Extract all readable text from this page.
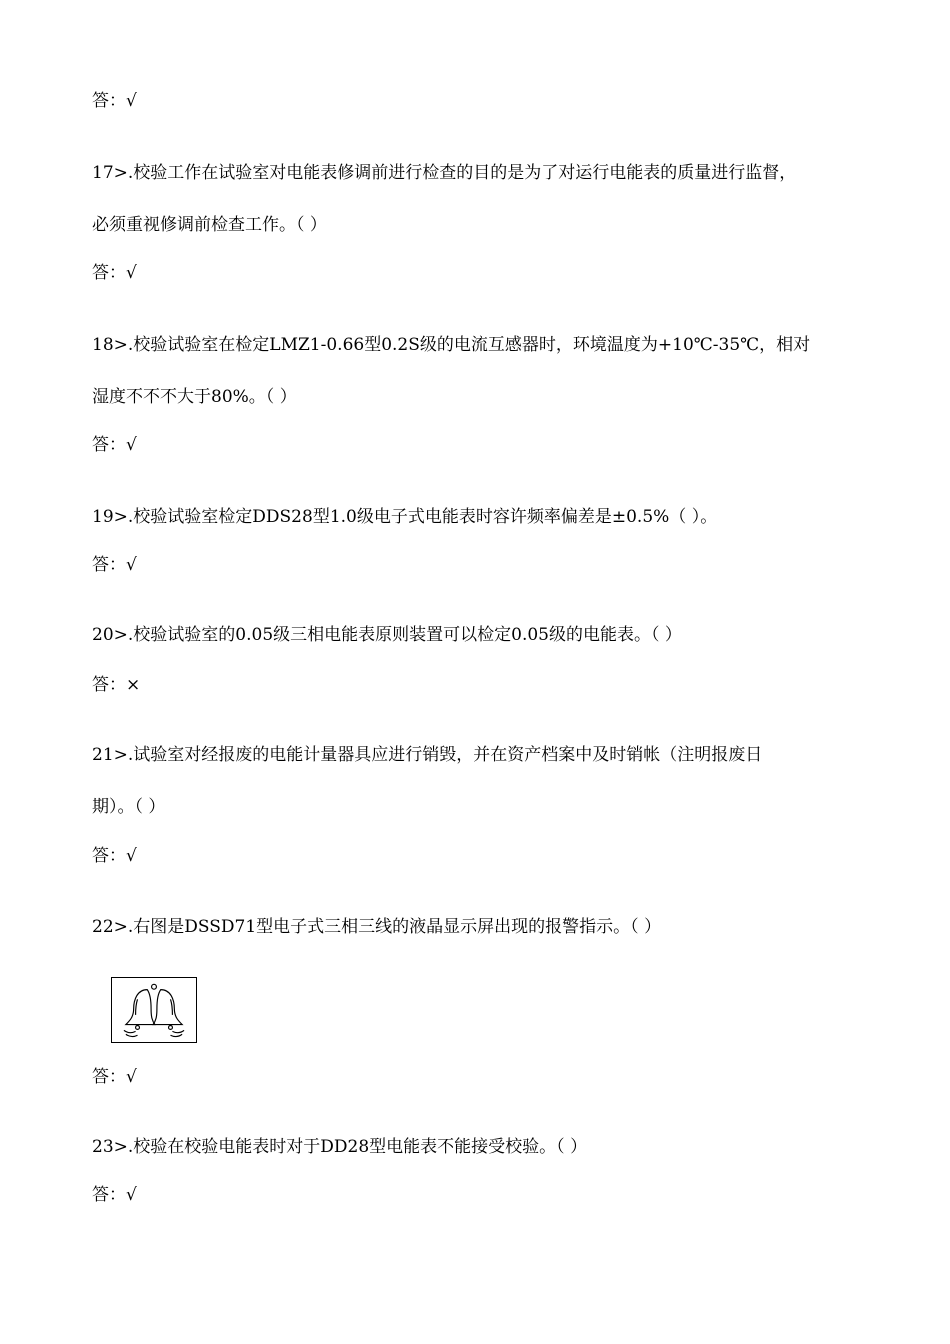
答：√
17>.校验工作在试验室对电能表修调前进行检查的目的是为了对运行电能表的质量进行监督，
必须重视修调前检查工作。（ ）
答：√
18>.校验试验室在检定LMZ1-0.66型0.2S级的电流互感器时，环境温度为+10℃-35℃，相对
湿度不不不大于80%。（ ）
答：√
19>.校验试验室检定DDS28型1.0级电子式电能表时容许频率偏差是±0.5%（ ）。
答：√
20>.校验试验室的0.05级三相电能表原则装置可以检定0.05级的电能表。（ ）
答：×
21>.试验室对经报废的电能计量器具应进行销毁，并在资产档案中及时销帐（注明报废日
期）。（ ）
答：√
22>.右图是DSSD71型电子式三相三线的液晶显示屏出现的报警指示。（ ）
答：√
23>.校验在校验电能表时对于DD28型电能表不能接受校验。（ ）
答：√
